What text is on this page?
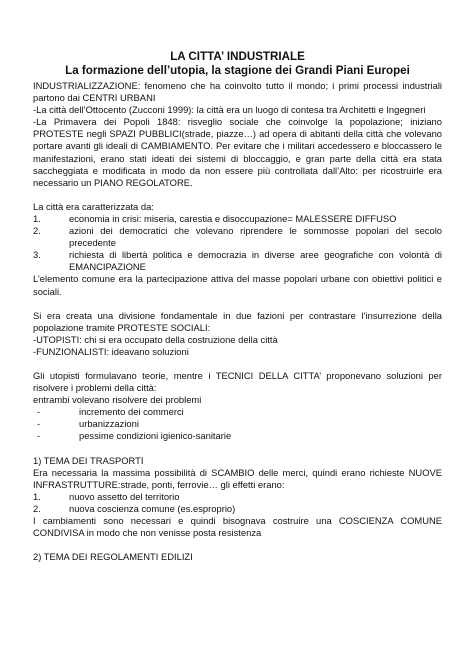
LA CITTA’ INDUSTRIALE

La formazione dell’utopia, la stagione dei Grandi Piani Europei

INDUSTRIALIZZAZIONE: fenomeno che ha coinvolto tutto il mondo; i primi processi industriali partono dai CENTRI URBANI

-La città dell’Ottocento (Zucconi 1999): la città era un luogo di contesa tra Architetti e Ingegneri

-La Primavera dei Popoli 1848: risveglio sociale che coinvolge la popolazione; iniziano PROTESTE negli SPAZI PUBBLICI(strade, piazze…) ad opera di abitanti della città che volevano portare avanti gli ideali di CAMBIAMENTO. Per evitare che i militari accedessero e bloccassero le manifestazioni, erano stati ideati dei sistemi di bloccaggio, e gran parte della città era stata saccheggiata e modificata in modo da non essere più controllata dall’Alto: per ricostruirle era necessario un PIANO REGOLATORE.

La città era caratterizzata da:

1.	economia in crisi: miseria, carestia e disoccupazione= MALESSERE DIFFUSO
2.	azioni dei democratici che volevano riprendere le sommosse popolari del secolo precedente
3.	richiesta di libertà politica e democrazia in diverse aree geografiche con volontà di EMANCIPAZIONE

L’elemento comune era la partecipazione attiva del masse popolari urbane con obiettivi politici e sociali.

Si era creata una divisione fondamentale in due fazioni per contrastare l’insurrezione della popolazione tramite PROTESTE SOCIALI:

-UTOPISTI: chi si era occupato della costruzione della città

-FUNZIONALISTI: ideavano soluzioni

Gli utopisti formulavano teorie, mentre i TECNICI DELLA CITTA’ proponevano soluzioni per risolvere i problemi della città:

entrambi volevano risolvere dei problemi

-	incremento dei commerci
-	urbanizzazioni
-	pessime condizioni igienico-sanitarie

1) TEMA DEI TRASPORTI

Era necessaria la massima possibilità di SCAMBIO delle merci, quindi erano richieste NUOVE INFRASTRUTTURE:strade, ponti, ferrovie… gli effetti erano:

1.	nuovo assetto del territorio
2.	nuova coscienza comune (es.esproprio)

I cambiamenti sono necessari e quindi bisognava costruire una COSCIENZA COMUNE CONDIVISA in modo che non venisse posta resistenza

2) TEMA DEI REGOLAMENTI EDILIZI
